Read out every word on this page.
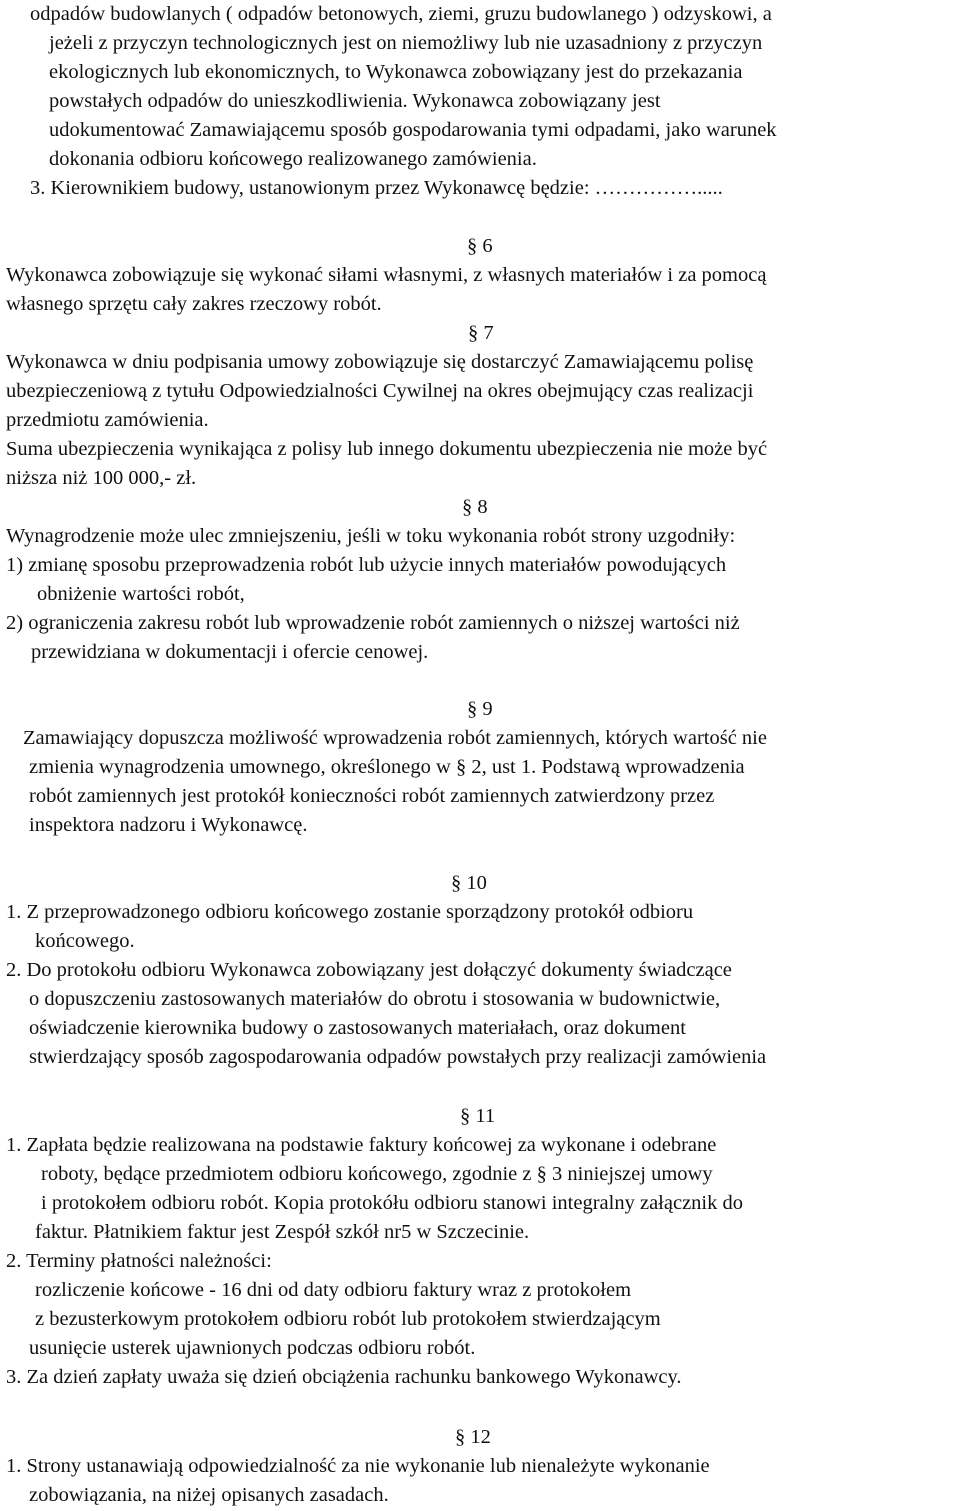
odpadów budowlanych ( odpadów betonowych, ziemi, gruzu budowlanego ) odzyskowi, a
jeżeli z przyczyn technologicznych jest on niemożliwy lub nie uzasadniony z przyczyn
ekologicznych lub ekonomicznych, to Wykonawca zobowiązany jest do przekazania
powstałych odpadów do unieszkodliwienia. Wykonawca zobowiązany jest
udokumentować Zamawiającemu sposób gospodarowania tymi odpadami, jako warunek
dokonania odbioru końcowego realizowanego zamówienia.
3. Kierownikiem budowy, ustanowionym przez Wykonawcę będzie: …………….....
§ 6
Wykonawca zobowiązuje się wykonać siłami własnymi, z własnych materiałów i za pomocą
własnego sprzętu cały zakres rzeczowy robót.
§ 7
Wykonawca w dniu podpisania umowy zobowiązuje się dostarczyć Zamawiającemu polisę
ubezpieczeniową z tytułu Odpowiedzialności Cywilnej na okres obejmujący czas realizacji
przedmiotu zamówienia.
Suma ubezpieczenia wynikająca z polisy lub innego dokumentu ubezpieczenia nie może być
niższa niż 100 000,- zł.
§ 8
Wynagrodzenie może ulec zmniejszeniu, jeśli w toku wykonania robót strony uzgodniły:
1) zmianę sposobu przeprowadzenia robót lub użycie innych materiałów powodujących
obniżenie wartości robót,
2) ograniczenia zakresu robót lub wprowadzenie robót zamiennych o niższej wartości niż
przewidziana w dokumentacji i ofercie cenowej.
§ 9
Zamawiający dopuszcza możliwość wprowadzenia robót zamiennych, których wartość nie
zmienia wynagrodzenia umownego, określonego w § 2, ust 1. Podstawą wprowadzenia
robót zamiennych jest protokół konieczności robót zamiennych zatwierdzony przez
inspektora nadzoru i Wykonawcę.
§ 10
1. Z przeprowadzonego odbioru końcowego zostanie sporządzony protokół odbioru
końcowego.
2. Do protokołu odbioru Wykonawca zobowiązany jest dołączyć dokumenty świadczące
o dopuszczeniu zastosowanych materiałów do obrotu i stosowania w budownictwie,
oświadczenie kierownika budowy o zastosowanych materiałach, oraz dokument
stwierdzający sposób zagospodarowania odpadów powstałych przy realizacji zamówienia
§ 11
1. Zapłata będzie realizowana na podstawie faktury końcowej za wykonane i odebrane
roboty, będące przedmiotem odbioru końcowego, zgodnie z § 3 niniejszej umowy
i protokołem odbioru robót. Kopia protokółu odbioru stanowi integralny załącznik do
faktur. Płatnikiem faktur jest Zespół szkół nr5 w Szczecinie.
2. Terminy płatności należności:
rozliczenie końcowe - 16 dni od daty odbioru faktury wraz z protokołem
z bezusterkowym protokołem odbioru robót lub protokołem stwierdzającym
usunięcie usterek ujawnionych podczas odbioru robót.
3. Za dzień zapłaty uważa się dzień obciążenia rachunku bankowego Wykonawcy.
§ 12
1. Strony ustanawiają odpowiedzialność za nie wykonanie lub nienależyte wykonanie
zobowiązania, na niżej opisanych zasadach.
